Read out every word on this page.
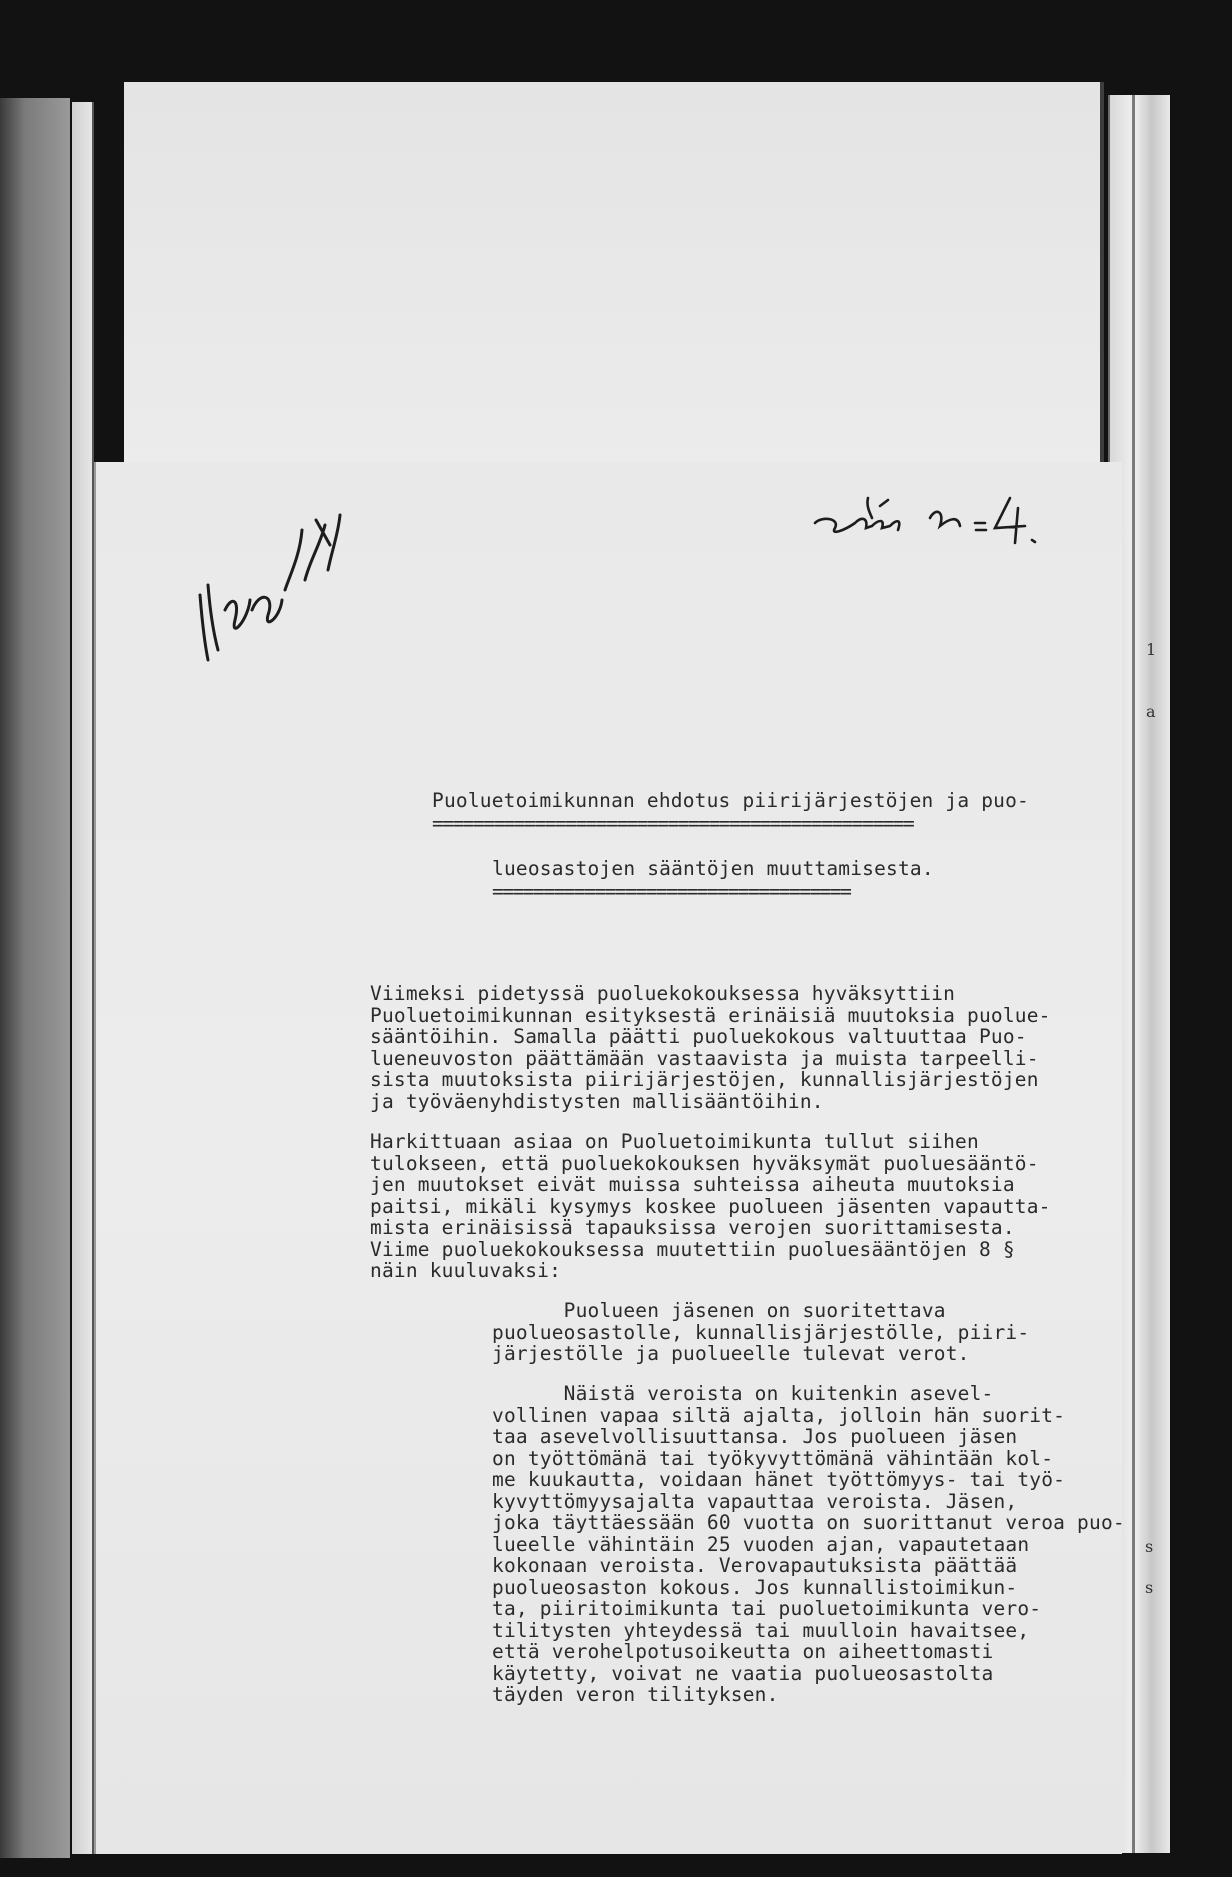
Puoluetoimikunnan ehdotus piirijärjestöjen ja puo-

===============================================

lueosastojen sääntöjen muuttamisesta.

===================================

Viimeksi pidetyssä puoluekokouksessa hyväksyttiin
Puoluetoimikunnan esityksestä erinäisiä muutoksia puolue-
sääntöihin. Samalla päätti puoluekokous valtuuttaa Puo-
lueneuvoston päättämään vastaavista ja muista tarpeelli-
sista muutoksista piirijärjestöjen, kunnallisjärjestöjen
ja työväenyhdistysten mallisääntöihin.

Harkittuaan asiaa on Puoluetoimikunta tullut siihen
tulokseen, että puoluekokouksen hyväksymät puoluesääntö-
jen muutokset eivät muissa suhteissa aiheuta muutoksia
paitsi, mikäli kysymys koskee puolueen jäsenten vapautta-
mista erinäisissä tapauksissa verojen suorittamisesta.
Viime puoluekokouksessa muutettiin puoluesääntöjen 8 §
näin kuuluvaksi:

Puolueen jäsenen on suoritettava
puolueosastolle, kunnallisjärjestölle, piiri-
järjestölle ja puolueelle tulevat verot.

Näistä veroista on kuitenkin asevel-
vollinen vapaa siltä ajalta, jolloin hän suorit-
taa asevelvollisuuttansa. Jos puolueen jäsen
on työttömänä tai työkyvyttömänä vähintään kol-
me kuukautta, voidaan hänet työttömyys- tai työ-
kyvyttömyysajalta vapauttaa veroista. Jäsen,
joka täyttäessään 60 vuotta on suorittanut veroa puo-
lueelle vähintäin 25 vuoden ajan, vapautetaan
kokonaan veroista. Verovapautuksista päättää
puolueosaston kokous. Jos kunnallistoimikun-
ta, piiritoimikunta tai puoluetoimikunta vero-
tilitysten yhteydessä tai muulloin havaitsee,
että verohelpotusoikeutta on aiheettomasti
käytetty, voivat ne vaatia puolueosastolta
täyden veron tilityksen.

1
a
s
s
